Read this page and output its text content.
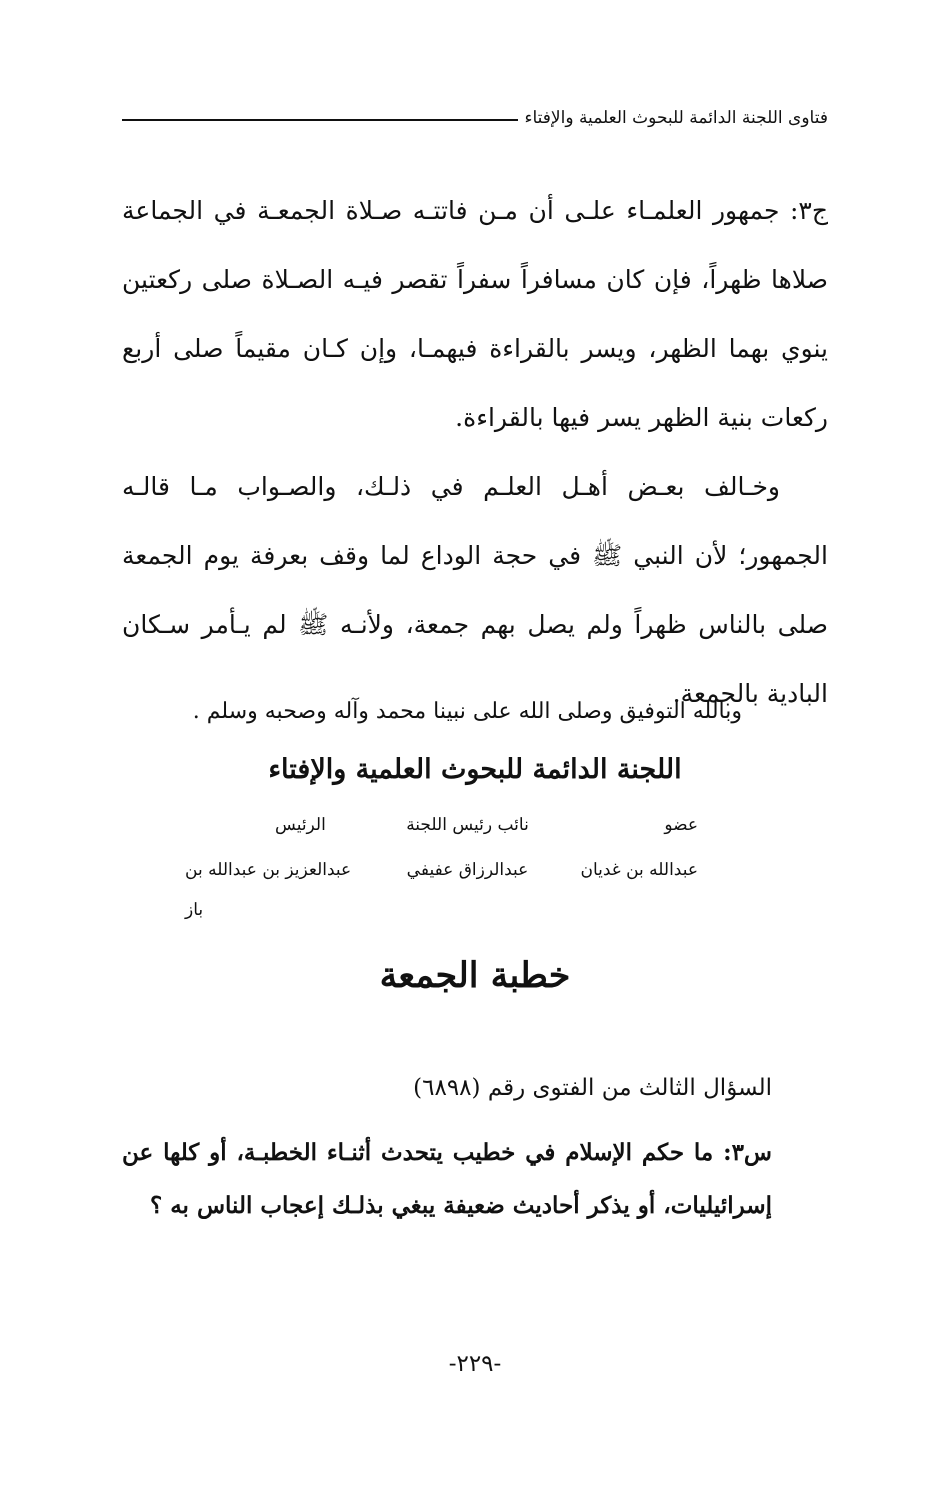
فتاوى اللجنة الدائمة للبحوث العلمية والإفتاء

ج٣: جمهور العلمـاء علـى أن مـن فاتتـه صـلاة الجمعـة في الجماعة صلاها ظهراً، فإن كان مسافراً سفراً تقصر فيـه الصـلاة صلى ركعتين ينوي بهما الظهر، ويسر بالقراءة فيهمـا، وإن كـان مقيماً صلى أربع ركعات بنية الظهر يسر فيها بالقراءة.

وخـالف بعـض أهـل العلـم في ذلـك، والصـواب مـا قالـه الجمهور؛ لأن النبي ﷺ في حجة الوداع لما وقف بعرفة يوم الجمعة صلى بالناس ظهراً ولم يصل بهم جمعة، ولأنـه ﷺ لم يـأمر سـكان البادية بالجمعة.

وبالله التوفيق وصلى الله على نبينا محمد وآله وصحبه وسلم .
اللجنة الدائمة للبحوث العلمية والإفتاء
عضو
عبدالله بن غديان
نائب رئيس اللجنة
عبدالرزاق عفيفي
الرئيس
عبدالعزيز بن عبدالله بن باز
خطبة الجمعة
السؤال الثالث من الفتوى رقم (٦٨٩٨)

س٣: ما حكم الإسلام في خطيب يتحدث أثنـاء الخطبـة، أو كلها عن إسرائيليات، أو يذكر أحاديث ضعيفة يبغي بذلـك إعجاب الناس به ؟

-٢٢٩-
